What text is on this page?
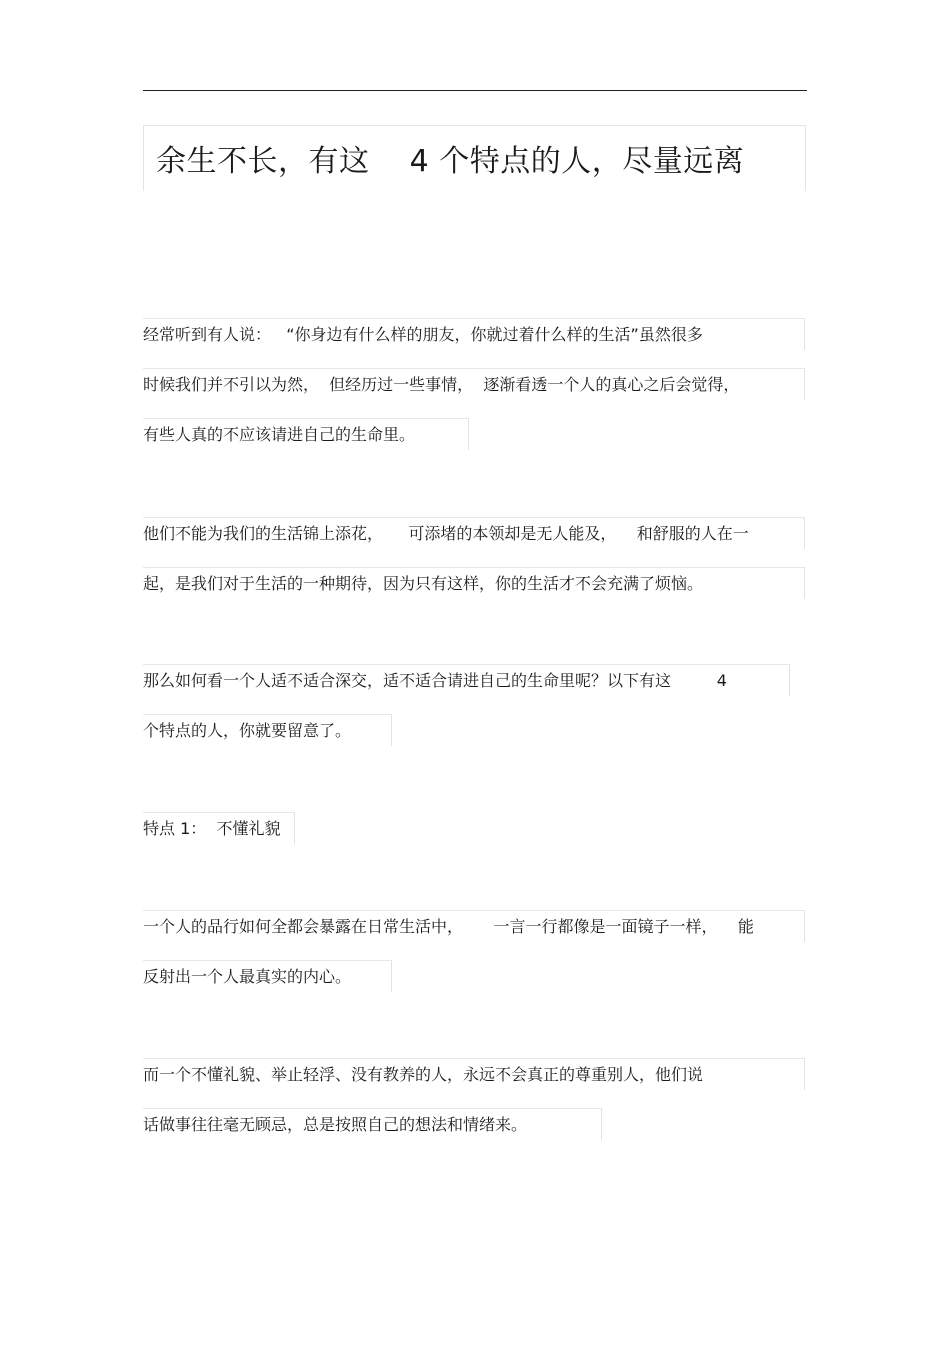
余生不长，有这    4 个特点的人，尽量远离
经常听到有人说：   “你身边有什么样的朋友，你就过着什么样的生活”虽然很多
时候我们并不引以为然，  但经历过一些事情，  逐渐看透一个人的真心之后会觉得，
有些人真的不应该请进自己的生命里。
他们不能为我们的生活锦上添花，     可添堵的本领却是无人能及，    和舒服的人在一
起，是我们对于生活的一种期待，因为只有这样，你的生活才不会充满了烦恼。
那么如何看一个人适不适合深交，适不适合请进自己的生命里呢？以下有这         4
个特点的人，你就要留意了。
特点 1：  不懂礼貌
一个人的品行如何全都会暴露在日常生活中，      一言一行都像是一面镜子一样，    能
反射出一个人最真实的内心。
而一个不懂礼貌、举止轻浮、没有教养的人，永远不会真正的尊重别人，他们说
话做事往往毫无顾忌，总是按照自己的想法和情绪来。
